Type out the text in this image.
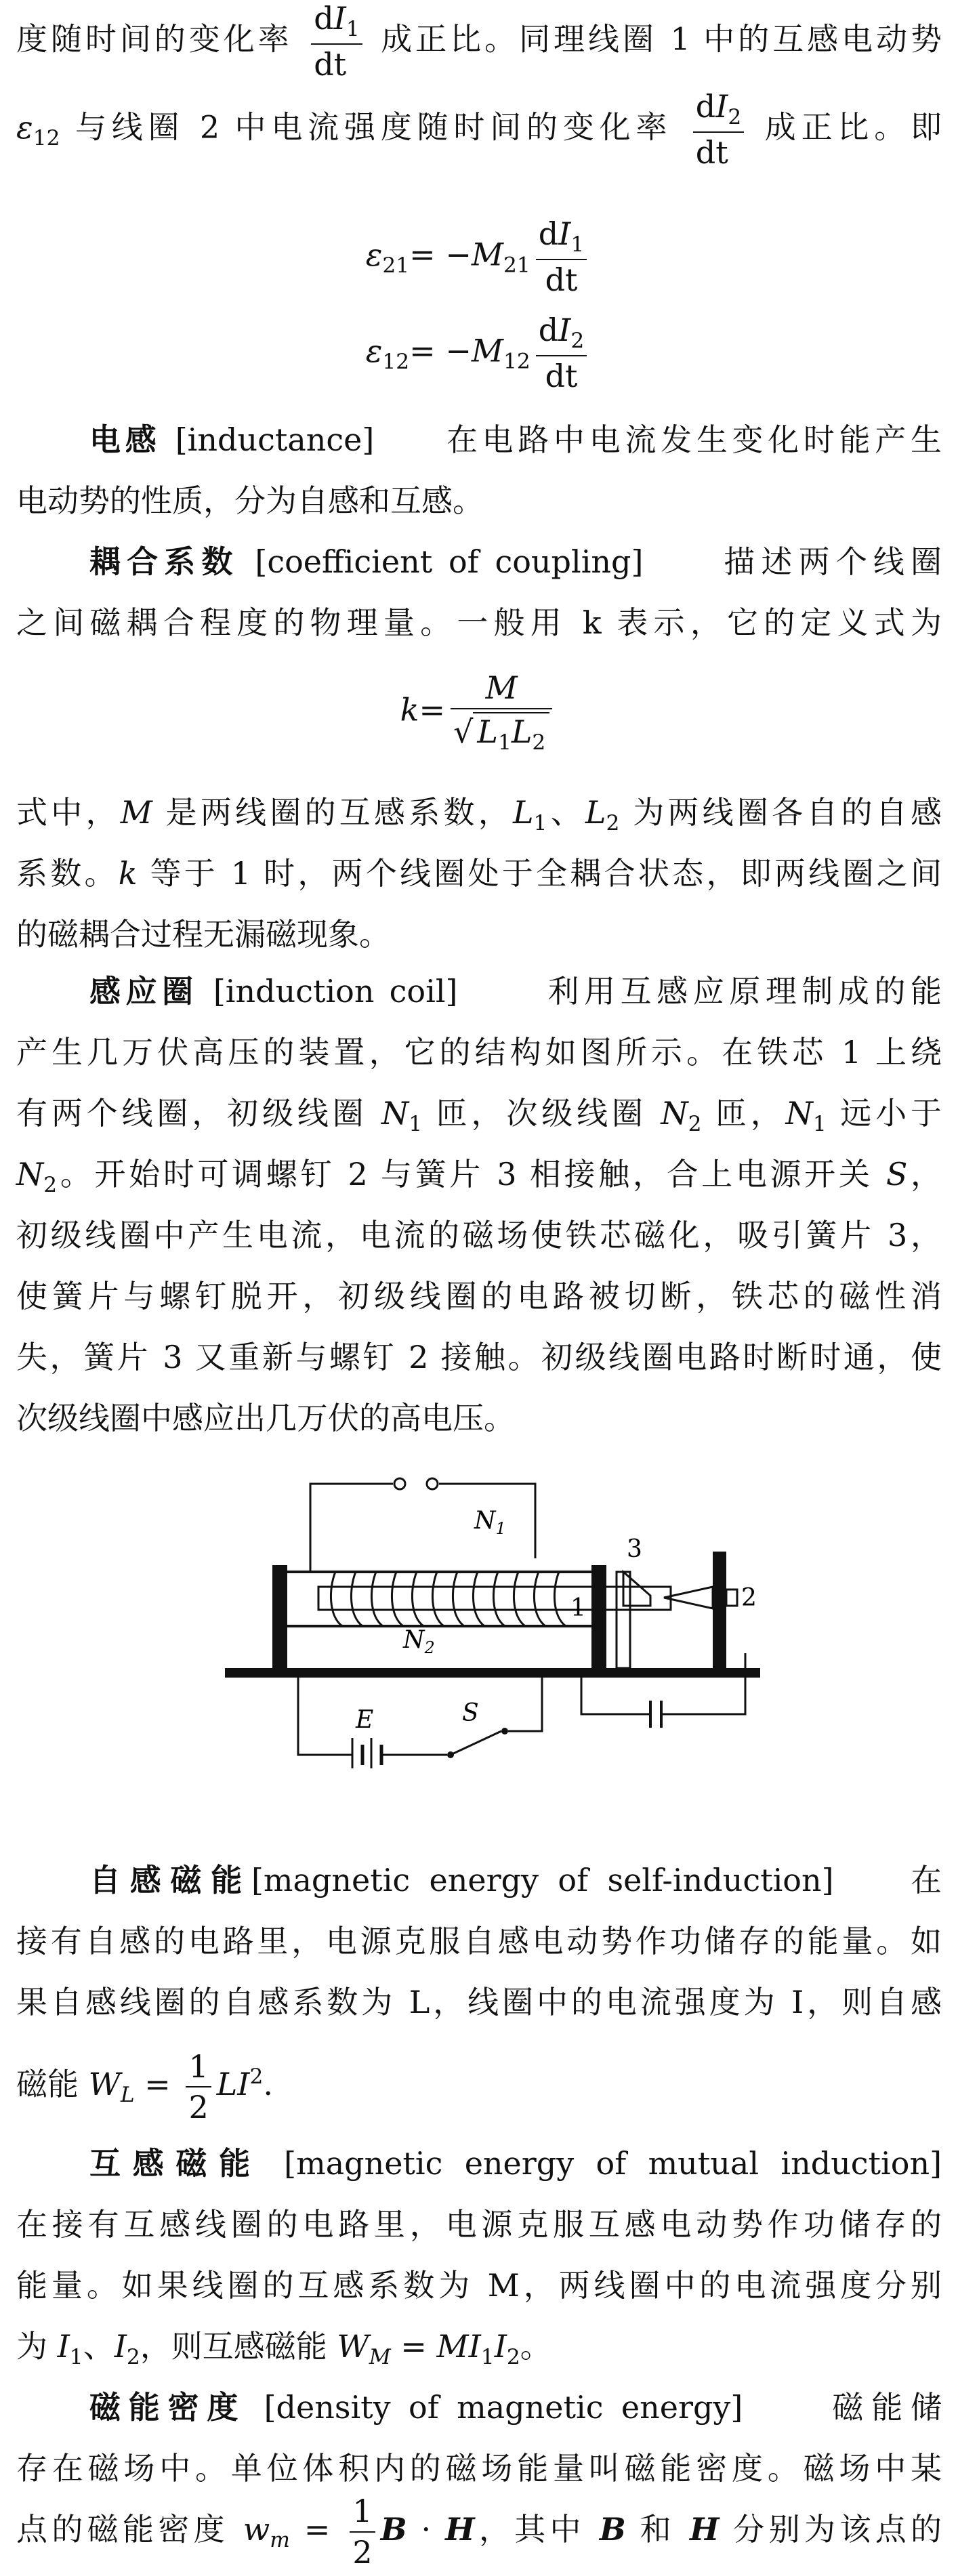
度随时间的变化率 $\frac{dI_1}{dt}$ 成正比。同理线圈 1 中的互感电动势

$\varepsilon_{12}$ 与线圈 2 中电流强度随时间的变化率 $\frac{dI_2}{dt}$ 成正比。即

$\varepsilon_{21}= -M_{21} \frac{dI_1}{dt}$
$\varepsilon_{12}= -M_{12} \frac{dI_2}{dt}$

电感 [inductance] 在电路中电流发生变化时能产生

电动势的性质，分为自感和互感。

耦合系数 [coefficient of coupling]	描述两个线圈

之间磁耦合程度的物理量。一般用 k 表示，它的定义式为

$k= \frac{M}{√ L_1L_2}$

式中，M 是两线圈的互感系数，$L_1$、$L_2$ 为两线圈各自的自感

系数。k 等于 1 时，两个线圈处于全耦合状态，即两线圈之间

的磁耦合过程无漏磁现象。

感应圈 [induction coil]	利用互感应原理制成的能

产生几万伏高压的装置，它的结构如图所示。在铁芯 1 上绕

有两个线圈，初级线圈 $N_1$ 匝，次级线圈 $N_2$ 匝，$N_1$ 远小于

$N_2$。开始时可调螺钉 2 与簧片 3 相接触，合上电源开关 S，

初级线圈中产生电流，电流的磁场使铁芯磁化，吸引簧片 3，

使簧片与螺钉脱开，初级线圈的电路被切断，铁芯的磁性消

失，簧片 3 又重新与螺钉 2 接触。初级线圈电路时断时通，使

次级线圈中感应出几万伏的高电压。

$N_1$
$N_2$
1
3
2
E	S

自感磁能[magnetic energy of self-induction] 在

接有自感的电路里，电源克服自感电动势作功储存的能量。如

果自感线圈的自感系数为 L，线圈中的电流强度为 I，则自感

磁能 $W_L = \frac{1}{2} LI^2$.

互感磁能 [magnetic energy of mutual induction]

在接有互感线圈的电路里，电源克服互感电动势作功储存的

能量。如果线圈的互感系数为 M，两线圈中的电流强度分别

为 $I_1$、$I_2$，则互感磁能 $W_M = MI_1I_2$。

磁能密度 [density of magnetic energy]	磁能储

存在磁场中。单位体积内的磁场能量叫磁能密度。磁场中某

点的磁能密度 $w_m = \frac{1}{2}$ B · H，其中 B 和 H 分别为该点的
